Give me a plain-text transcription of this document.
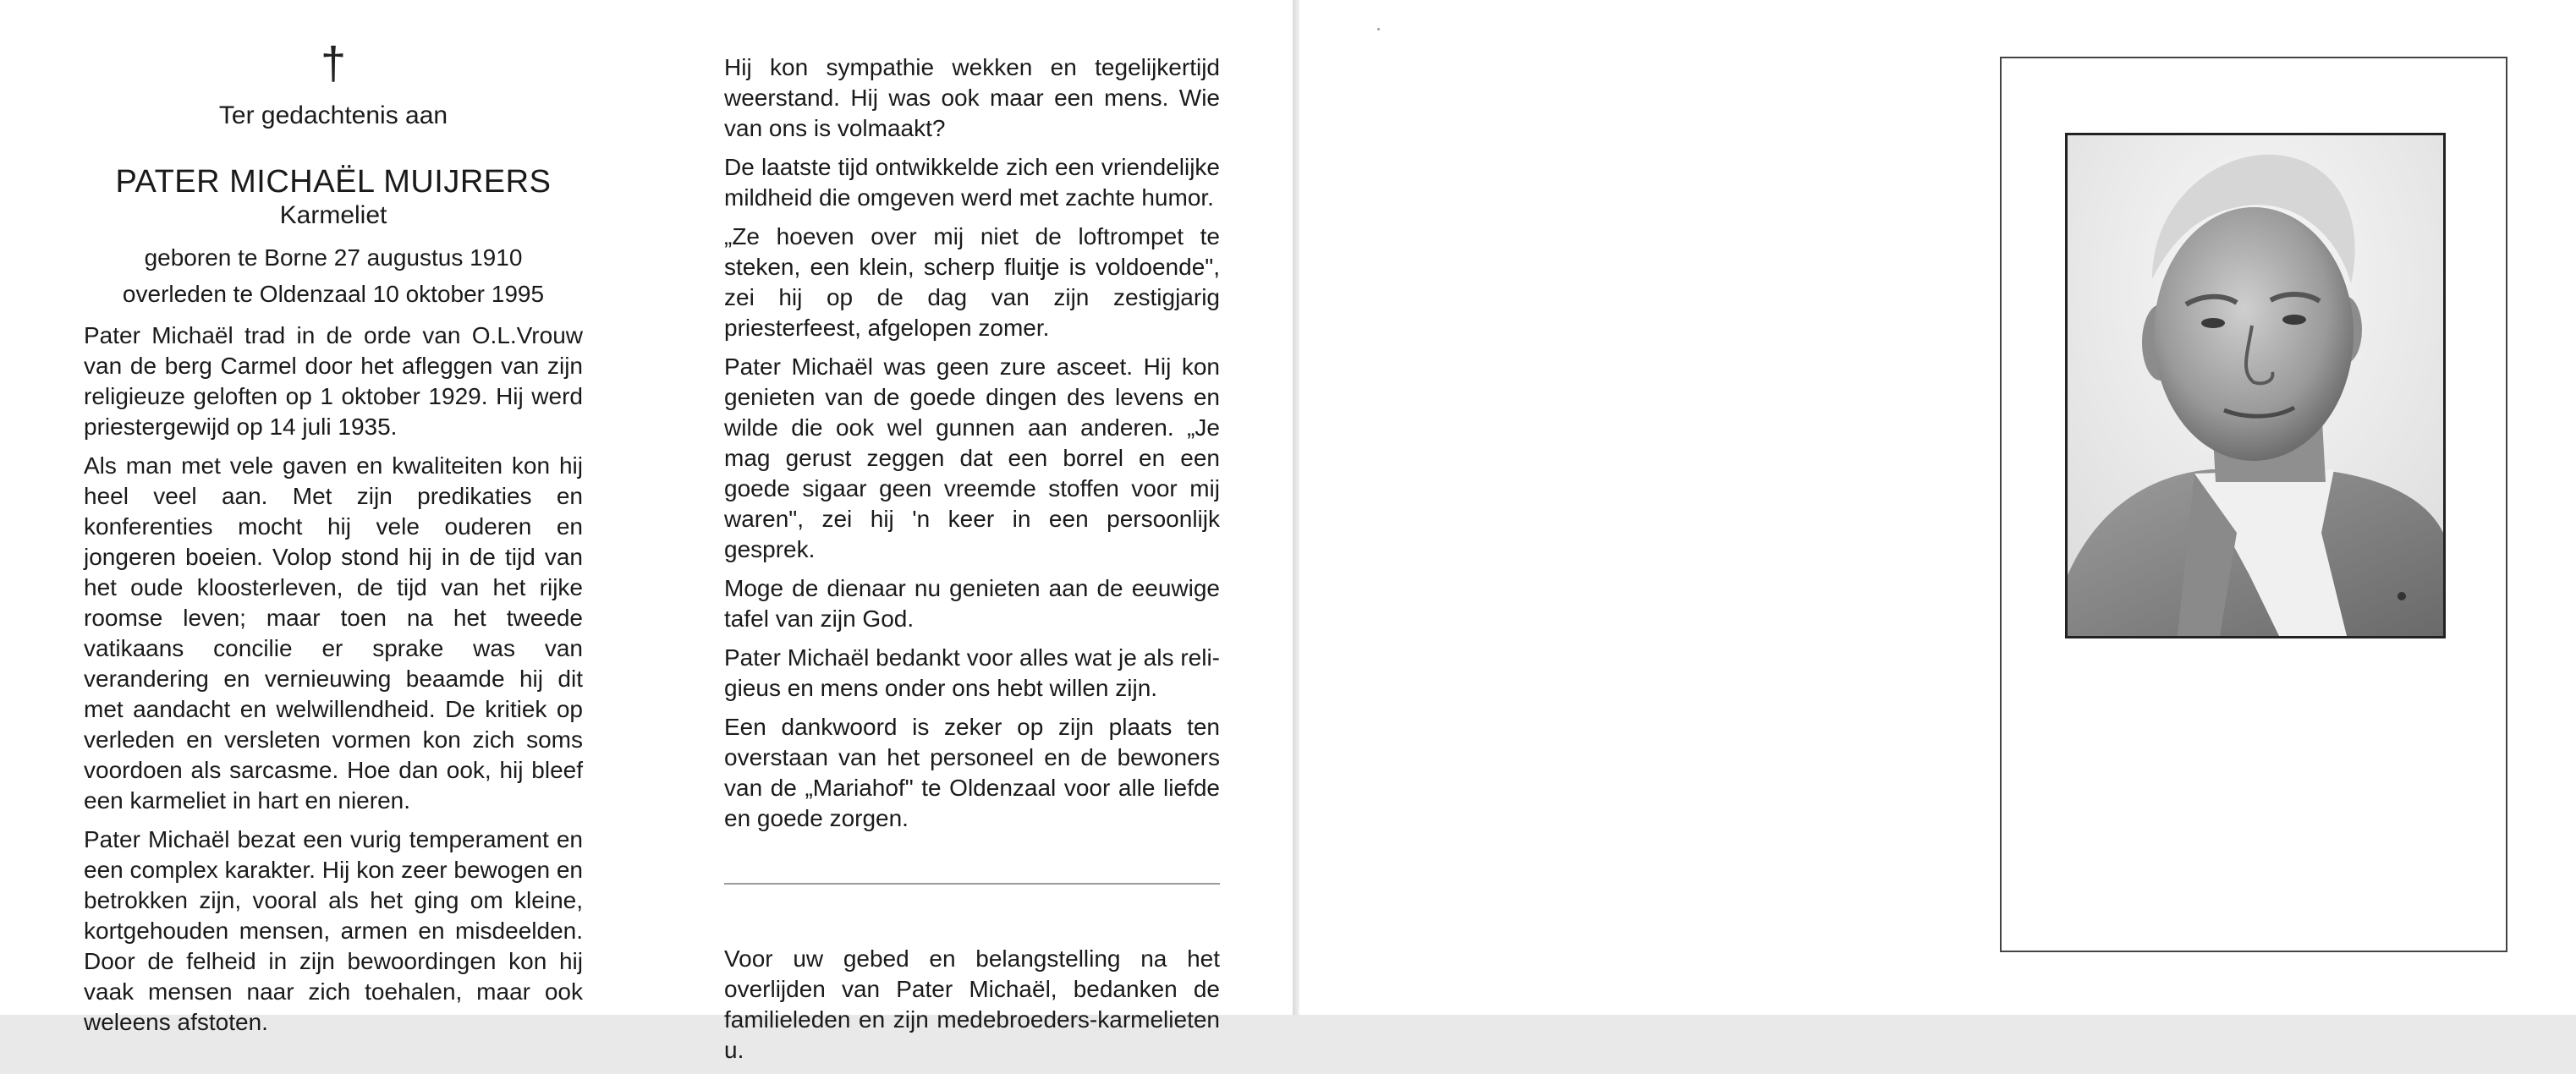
†
Ter gedachtenis aan
PATER MICHAËL MUIJRERS
Karmeliet
geboren te Borne 27 augustus 1910
overleden te Oldenzaal 10 oktober 1995

Pater Michaël trad in de orde van O.L.Vrouw van de berg Carmel door het afleggen van zijn religieuze geloften op 1 oktober 1929. Hij werd priestergewijd op 14 juli 1935.

Als man met vele gaven en kwaliteiten kon hij heel veel aan. Met zijn predikaties en konferenties mocht hij vele ouderen en jongeren boeien. Volop stond hij in de tijd van het oude kloosterleven, de tijd van het rijke roomse leven; maar toen na het tweede vatikaans concilie er sprake was van verandering en vernieuwing beaamde hij dit met aandacht en welwillendheid. De kritiek op verleden en versleten vormen kon zich soms voordoen als sarcasme. Hoe dan ook, hij bleef een karmeliet in hart en nieren.

Pater Michaël bezat een vurig temperament en een complex karakter. Hij kon zeer bewogen en betrokken zijn, vooral als het ging om kleine, kortgehouden mensen, armen en misdeelden. Door de felheid in zijn bewoordingen kon hij vaak mensen naar zich toehalen, maar ook weleens afstoten.

Hij kon sympathie wekken en tegelijkertijd weerstand. Hij was ook maar een mens. Wie van ons is volmaakt?

De laatste tijd ontwikkelde zich een vriendelijke mildheid die omgeven werd met zachte humor.

„Ze hoeven over mij niet de loftrompet te steken, een klein, scherp fluitje is voldoende", zei hij op de dag van zijn zestigjarig priesterfeest, afgelopen zomer.

Pater Michaël was geen zure asceet. Hij kon genieten van de goede dingen des levens en wilde die ook wel gunnen aan anderen. „Je mag gerust zeggen dat een borrel en een goede sigaar geen vreemde stoffen voor mij waren", zei hij 'n keer in een persoonlijk gesprek.

Moge de dienaar nu genieten aan de eeuwige tafel van zijn God.

Pater Michaël bedankt voor alles wat je als religieus en mens onder ons hebt willen zijn.

Een dankwoord is zeker op zijn plaats ten overstaan van het personeel en de bewoners van de „Mariahof" te Oldenzaal voor alle liefde en goede zorgen.

Voor uw gebed en belangstelling na het overlijden van Pater Michaël, bedanken de familieleden en zijn medebroeders-karmelieten u.
